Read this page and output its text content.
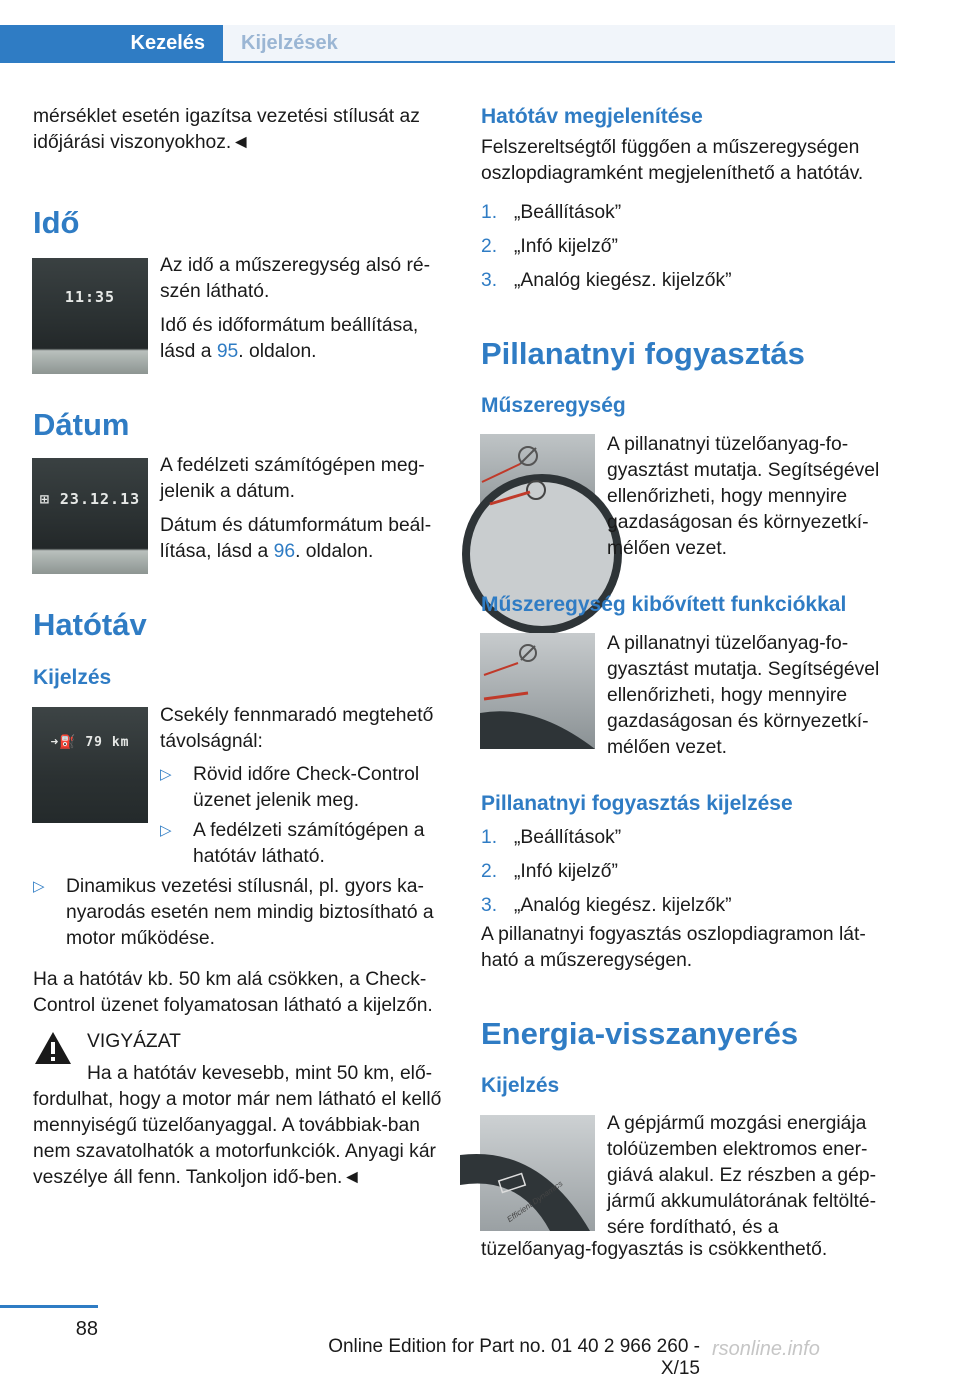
Kezelés	Kijelzések

mérséklet esetén igazítsa vezetési stílusát az időjárási viszonyokhoz.◄

Idő
11:35

Az idő a műszeregység alsó ré-szén látható.

Idő és időformátum beállítása, lásd a 95. oldalon.

Dátum
⊞ 23.12.13

A fedélzeti számítógépen meg-jelenik a dátum.

Dátum és dátumformátum beál-lítása, lásd a 96. oldalon.

Hatótáv
Kijelzés
➜⛽ 79 km

Csekély fennmaradó megtehető távolságnál:

▷ Rövid időre Check-Control üzenet jelenik meg.
▷ A fedélzeti számítógépen a hatótáv látható.
▷ Dinamikus vezetési stílusnál, pl. gyors ka-nyarodás esetén nem mindig biztosítható a motor működése.

Ha a hatótáv kb. 50 km alá csökken, a Check-Control üzenet folyamatosan látható a kijelzőn.

VIGYÁZAT

Ha a hatótáv kevesebb, mint 50 km, elő-

fordulhat, hogy a motor már nem látható el kellő mennyiségű tüzelőanyaggal. A továbbiak-ban nem szavatolhatók a motorfunkciók. Anyagi kár veszélye áll fenn. Tankoljon idő-ben.◄

Hatótáv megjelenítése

Felszereltségtől függően a műszeregységen oszlopdiagramként megjeleníthető a hatótáv.

1. „Beállítások”
2. „Infó kijelző”
3. „Analóg kiegész. kijelzők”
Pillanatnyi fogyasztás
Műszeregység

A pillanatnyi tüzelőanyag-fo-gyasztást mutatja. Segítségével ellenőrizheti, hogy mennyire gazdaságosan és környezetkí-mélően vezet.

Műszeregység kibővített funkciókkal

A pillanatnyi tüzelőanyag-fo-gyasztást mutatja. Segítségével ellenőrizheti, hogy mennyire gazdaságosan és környezetkí-mélően vezet.

Pillanatnyi fogyasztás kijelzése
1. „Beállítások”
2. „Infó kijelző”
3. „Analóg kiegész. kijelzők”

A pillanatnyi fogyasztás oszlopdiagramon lát-ható a műszeregységen.

Energia-visszanyerés
Kijelzés
Efficient Dynamics

A gépjármű mozgási energiája tolóüzemben elektromos ener-giává alakul. Ez részben a gép-jármű akkumulátorának feltölté-sére fordítható, és a

tüzelőanyag-fogyasztás is csökkenthető.

88
Online Edition for Part no. 01 40 2 966 260 - X/15
rsonline.info
